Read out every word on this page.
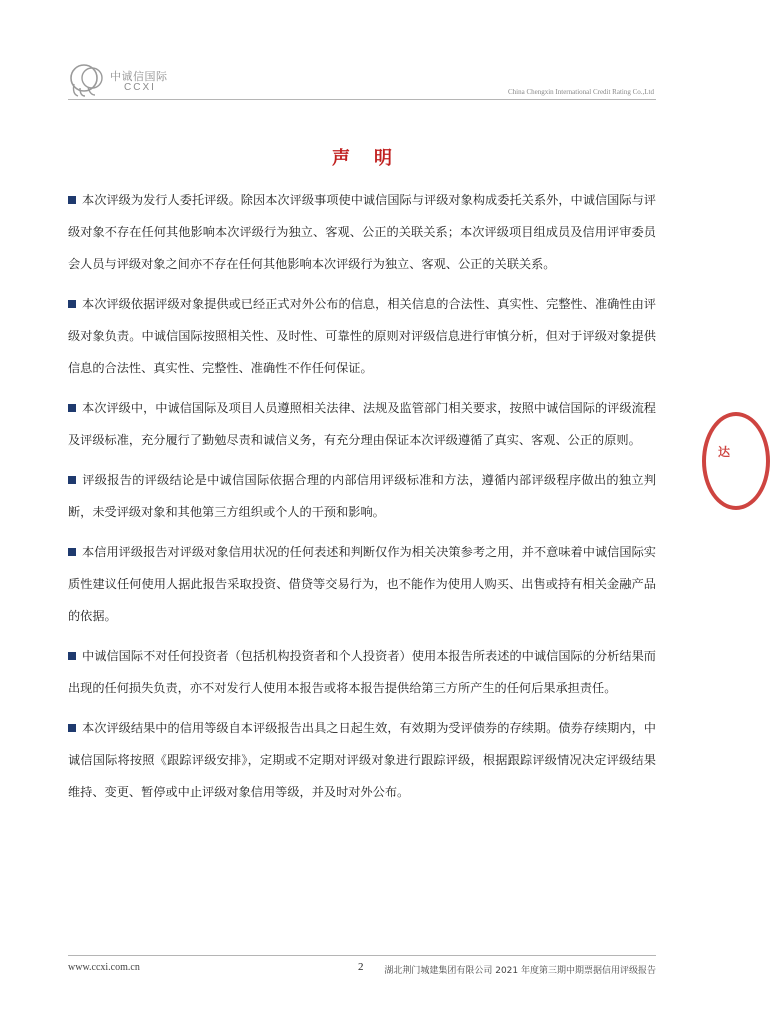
中诚信国际
CCXI	China Chengxin International Credit Rating Co.,Ltd
声明

本次评级为发行人委托评级。除因本次评级事项使中诚信国际与评级对象构成委托关系外，中诚信国际与评级对象不存在任何其他影响本次评级行为独立、客观、公正的关联关系；本次评级项目组成员及信用评审委员会人员与评级对象之间亦不存在任何其他影响本次评级行为独立、客观、公正的关联关系。

本次评级依据评级对象提供或已经正式对外公布的信息，相关信息的合法性、真实性、完整性、准确性由评级对象负责。中诚信国际按照相关性、及时性、可靠性的原则对评级信息进行审慎分析，但对于评级对象提供信息的合法性、真实性、完整性、准确性不作任何保证。

本次评级中，中诚信国际及项目人员遵照相关法律、法规及监管部门相关要求，按照中诚信国际的评级流程及评级标准，充分履行了勤勉尽责和诚信义务，有充分理由保证本次评级遵循了真实、客观、公正的原则。

评级报告的评级结论是中诚信国际依据合理的内部信用评级标准和方法，遵循内部评级程序做出的独立判断，未受评级对象和其他第三方组织或个人的干预和影响。

本信用评级报告对评级对象信用状况的任何表述和判断仅作为相关决策参考之用，并不意味着中诚信国际实质性建议任何使用人据此报告采取投资、借贷等交易行为，也不能作为使用人购买、出售或持有相关金融产品的依据。

中诚信国际不对任何投资者（包括机构投资者和个人投资者）使用本报告所表述的中诚信国际的分析结果而出现的任何损失负责，亦不对发行人使用本报告或将本报告提供给第三方所产生的任何后果承担责任。

本次评级结果中的信用等级自本评级报告出具之日起生效，有效期为受评债券的存续期。债券存续期内，中诚信国际将按照《跟踪评级安排》，定期或不定期对评级对象进行跟踪评级，根据跟踪评级情况决定评级结果维持、变更、暂停或中止评级对象信用等级，并及时对外公布。

达
www.ccxi.com.cn	2 湖北荆门城建集团有限公司 2021 年度第三期中期票据信用评级报告
